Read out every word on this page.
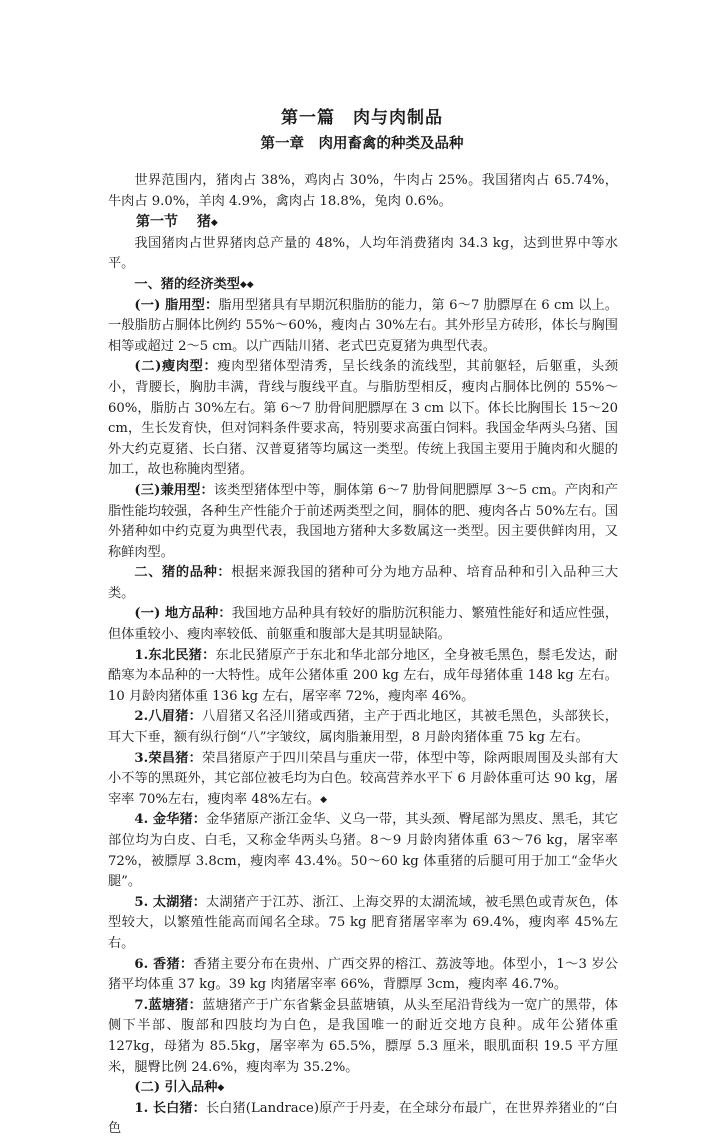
第一篇　肉与肉制品
第一章　肉用畜禽的种类及品种

世界范围内，猪肉占 38%，鸡肉占 30%，牛肉占 25%。我国猪肉占 65.74%，牛肉占 9.0%，羊肉 4.9%，禽肉占 18.8%，兔肉 0.6%。

第一节　 猪◆

我国猪肉占世界猪肉总产量的 48%，人均年消费猪肉 34.3 kg，达到世界中等水平。

一、猪的经济类型◆◆

(一) 脂用型：脂用型猪具有早期沉积脂肪的能力，第 6～7 肋膘厚在 6 cm 以上。一般脂肪占胴体比例约 55%～60%，瘦肉占 30%左右。其外形呈方砖形，体长与胸围相等或超过 2～5 cm。以广西陆川猪、老式巴克夏猪为典型代表。

(二)瘦肉型：瘦肉型猪体型清秀，呈长线条的流线型，其前躯轻，后躯重，头颈小，背腰长，胸肋丰满，背线与腹线平直。与脂肪型相反，瘦肉占胴体比例的 55%～60%，脂肪占 30%左右。第 6～7 肋骨间肥膘厚在 3 cm 以下。体长比胸围长 15～20 cm，生长发育快，但对饲料条件要求高，特别要求高蛋白饲料。我国金华两头乌猪、国外大约克夏猪、长白猪、汉普夏猪等均属这一类型。传统上我国主要用于腌肉和火腿的加工，故也称腌肉型猪。

(三)兼用型：该类型猪体型中等，胴体第 6～7 肋骨间肥膘厚 3～5 cm。产肉和产脂性能均较强，各种生产性能介于前述两类型之间，胴体的肥、瘦肉各占 50%左右。国外猪种如中约克夏为典型代表，我国地方猪种大多数属这一类型。因主要供鲜肉用，又称鲜肉型。

二、猪的品种：根据来源我国的猪种可分为地方品种、培育品种和引入品种三大类。

(一) 地方品种：我国地方品种具有较好的脂肪沉积能力、繁殖性能好和适应性强，但体重较小、瘦肉率较低、前躯重和腹部大是其明显缺陷。

1.东北民猪：东北民猪原产于东北和华北部分地区，全身被毛黑色，鬃毛发达，耐酷寒为本品种的一大特性。成年公猪体重 200 kg 左右，成年母猪体重 148 kg 左右。10 月龄肉猪体重 136 kg 左右，屠宰率 72%，瘦肉率 46%。

2.八眉猪：八眉猪又名泾川猪或西猪，主产于西北地区，其被毛黑色，头部狭长，耳大下垂，额有纵行倒“八”字皱纹，属肉脂兼用型，8 月龄肉猪体重 75 kg 左右。

3.荣昌猪：荣昌猪原产于四川荣昌与重庆一带，体型中等，除两眼周围及头部有大小不等的黑斑外，其它部位被毛均为白色。较高营养水平下 6 月龄体重可达 90 kg，屠宰率 70%左右，瘦肉率 48%左右。◆

4. 金华猪：金华猪原产浙江金华、义乌一带，其头颈、臀尾部为黑皮、黑毛，其它部位均为白皮、白毛，又称金华两头乌猪。8～9 月龄肉猪体重 63～76 kg，屠宰率 72%，被膘厚 3.8cm，瘦肉率 43.4%。50～60 kg 体重猪的后腿可用于加工“金华火腿”。

5. 太湖猪：太湖猪产于江苏、浙江、上海交界的太湖流域，被毛黑色或青灰色，体型较大，以繁殖性能高而闻名全球。75 kg 肥育猪屠宰率为 69.4%，瘦肉率 45%左右。

6. 香猪：香猪主要分布在贵州、广西交界的榕江、荔波等地。体型小，1～3 岁公猪平均体重 37 kg。39 kg 肉猪屠宰率 66%，背膘厚 3cm，瘦肉率 46.7%。

7.蓝塘猪：蓝塘猪产于广东省紫金县蓝塘镇，从头至尾沿背线为一宽广的黑带，体侧下半部、腹部和四肢均为白色，是我国唯一的耐近交地方良种。成年公猪体重 127kg，母猪为 85.5kg，屠宰率为 65.5%，膘厚 5.3 厘米，眼肌面积 19.5 平方厘米，腿臀比例 24.6%，瘦肉率为 35.2%。

(二) 引入品种◆

1. 长白猪：长白猪(Landrace)原产于丹麦，在全球分布最广，在世界养猪业的“白色
